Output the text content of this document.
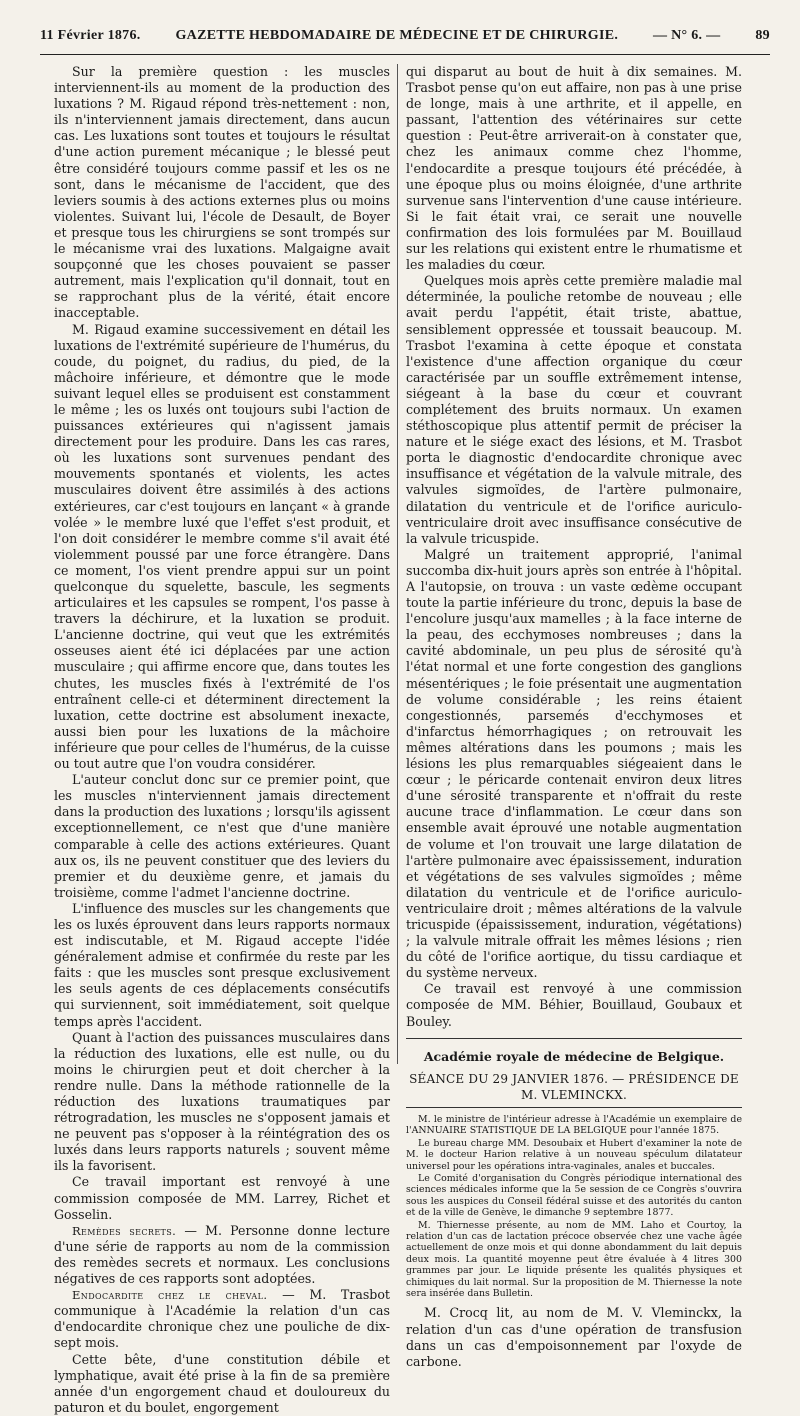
11 Février 1876. GAZETTE HEBDOMADAIRE DE MÉDECINE ET DE CHIRURGIE. — N° 6. — 89

Sur la première question : les muscles interviennent-ils au moment de la production des luxations ? M. Rigaud répond très-nettement : non, ils n'interviennent jamais directement, dans aucun cas. Les luxations sont toutes et toujours le résultat d'une action purement mécanique ; le blessé peut être considéré toujours comme passif et les os ne sont, dans le mécanisme de l'accident, que des leviers soumis à des actions externes plus ou moins violentes. Suivant lui, l'école de Desault, de Boyer et presque tous les chirurgiens se sont trompés sur le mécanisme vrai des luxations. Malgaigne avait soupçonné que les choses pouvaient se passer autrement, mais l'explication qu'il donnait, tout en se rapprochant plus de la vérité, était encore inacceptable.

M. Rigaud examine successivement en détail les luxations de l'extrémité supérieure de l'humérus, du coude, du poignet, du radius, du pied, de la mâchoire inférieure, et démontre que le mode suivant lequel elles se produisent est constamment le même ; les os luxés ont toujours subi l'action de puissances extérieures qui n'agissent jamais directement pour les produire. Dans les cas rares, où les luxations sont survenues pendant des mouvements spontanés et violents, les actes musculaires doivent être assimilés à des actions extérieures, car c'est toujours en lançant « à grande volée » le membre luxé que l'effet s'est produit, et l'on doit considérer le membre comme s'il avait été violemment poussé par une force étrangère. Dans ce moment, l'os vient prendre appui sur un point quelconque du squelette, bascule, les segments articulaires et les capsules se rompent, l'os passe à travers la déchirure, et la luxation se produit. L'ancienne doctrine, qui veut que les extrémités osseuses aient été ici déplacées par une action musculaire ; qui affirme encore que, dans toutes les chutes, les muscles fixés à l'extrémité de l'os entraînent celle-ci et déterminent directement la luxation, cette doctrine est absolument inexacte, aussi bien pour les luxations de la mâchoire inférieure que pour celles de l'humérus, de la cuisse ou tout autre que l'on voudra considérer.

L'auteur conclut donc sur ce premier point, que les muscles n'interviennent jamais directement dans la production des luxations ; lorsqu'ils agissent exceptionnellement, ce n'est que d'une manière comparable à celle des actions extérieures. Quant aux os, ils ne peuvent constituer que des leviers du premier et du deuxième genre, et jamais du troisième, comme l'admet l'ancienne doctrine.

L'influence des muscles sur les changements que les os luxés éprouvent dans leurs rapports normaux est indiscutable, et M. Rigaud accepte l'idée généralement admise et confirmée du reste par les faits : que les muscles sont presque exclusivement les seuls agents de ces déplacements consécutifs qui surviennent, soit immédiatement, soit quelque temps après l'accident.

Quant à l'action des puissances musculaires dans la réduction des luxations, elle est nulle, ou du moins le chirurgien peut et doit chercher à la rendre nulle. Dans la méthode rationnelle de la réduction des luxations traumatiques par rétrogradation, les muscles ne s'opposent jamais et ne peuvent pas s'opposer à la réintégration des os luxés dans leurs rapports naturels ; souvent même ils la favorisent.

Ce travail important est renvoyé à une commission composée de MM. Larrey, Richet et Gosselin.

Remèdes secrets. — M. Personne donne lecture d'une série de rapports au nom de la commission des remèdes secrets et normaux. Les conclusions négatives de ces rapports sont adoptées.

Endocardite chez le cheval. — M. Trasbot communique à l'Académie la relation d'un cas d'endocardite chronique chez une pouliche de dix-sept mois.

Cette bête, d'une constitution débile et lymphatique, avait été prise à la fin de sa première année d'un engorgement chaud et douloureux du paturon et du boulet, engorgement

qui disparut au bout de huit à dix semaines. M. Trasbot pense qu'on eut affaire, non pas à une prise de longe, mais à une arthrite, et il appelle, en passant, l'attention des vétérinaires sur cette question : Peut-être arriverait-on à constater que, chez les animaux comme chez l'homme, l'endocardite a presque toujours été précédée, à une époque plus ou moins éloignée, d'une arthrite survenue sans l'intervention d'une cause intérieure. Si le fait était vrai, ce serait une nouvelle confirmation des lois formulées par M. Bouillaud sur les relations qui existent entre le rhumatisme et les maladies du cœur.

Quelques mois après cette première maladie mal déterminée, la pouliche retombe de nouveau ; elle avait perdu l'appétit, était triste, abattue, sensiblement oppressée et toussait beaucoup. M. Trasbot l'examina à cette époque et constata l'existence d'une affection organique du cœur caractérisée par un souffle extrêmement intense, siégeant à la base du cœur et couvrant complétement des bruits normaux. Un examen stéthoscopique plus attentif permit de préciser la nature et le siége exact des lésions, et M. Trasbot porta le diagnostic d'endocardite chronique avec insuffisance et végétation de la valvule mitrale, des valvules sigmoïdes, de l'artère pulmonaire, dilatation du ventricule et de l'orifice auriculo-ventriculaire droit avec insuffisance consécutive de la valvule tricuspide.

Malgré un traitement approprié, l'animal succomba dix-huit jours après son entrée à l'hôpital. A l'autopsie, on trouva : un vaste œdème occupant toute la partie inférieure du tronc, depuis la base de l'encolure jusqu'aux mamelles ; à la face interne de la peau, des ecchymoses nombreuses ; dans la cavité abdominale, un peu plus de sérosité qu'à l'état normal et une forte congestion des ganglions mésentériques ; le foie présentait une augmentation de volume considérable ; les reins étaient congestionnés, parsemés d'ecchymoses et d'infarctus hémorrhagiques ; on retrouvait les mêmes altérations dans les poumons ; mais les lésions les plus remarquables siégeaient dans le cœur ; le péricarde contenait environ deux litres d'une sérosité transparente et n'offrait du reste aucune trace d'inflammation. Le cœur dans son ensemble avait éprouvé une notable augmentation de volume et l'on trouvait une large dilatation de l'artère pulmonaire avec épaississement, induration et végétations de ses valvules sigmoïdes ; même dilatation du ventricule et de l'orifice auriculo-ventriculaire droit ; mêmes altérations de la valvule tricuspide (épaississement, induration, végétations) ; la valvule mitrale offrait les mêmes lésions ; rien du côté de l'orifice aortique, du tissu cardiaque et du système nerveux.

Ce travail est renvoyé à une commission composée de MM. Béhier, Bouillaud, Goubaux et Bouley.

Académie royale de médecine de Belgique.

SÉANCE DU 29 JANVIER 1876. — PRÉSIDENCE DE M. VLEMINCKX.

M. le ministre de l'intérieur adresse à l'Académie un exemplaire de l'ANNUAIRE STATISTIQUE DE LA BELGIQUE pour l'année 1875.

Le bureau charge MM. Desoubaix et Hubert d'examiner la note de M. le docteur Harion relative à un nouveau spéculum dilatateur universel pour les opérations intra-vaginales, anales et buccales.

Le Comité d'organisation du Congrès périodique international des sciences médicales informe que la 5e session de ce Congrès s'ouvrira sous les auspices du Conseil fédéral suisse et des autorités du canton et de la ville de Genève, le dimanche 9 septembre 1877.

M. Thiernesse présente, au nom de MM. Laho et Courtoy, la relation d'un cas de lactation précoce observée chez une vache âgée actuellement de onze mois et qui donne abondamment du lait depuis deux mois. La quantité moyenne peut être évaluée à 4 litres 300 grammes par jour. Le liquide présente les qualités physiques et chimiques du lait normal. Sur la proposition de M. Thiernesse la note sera insérée dans Bulletin.

M. Crocq lit, au nom de M. V. Vleminckx, la relation d'un cas d'une opération de transfusion dans un cas d'empoisonnement par l'oxyde de carbone.
